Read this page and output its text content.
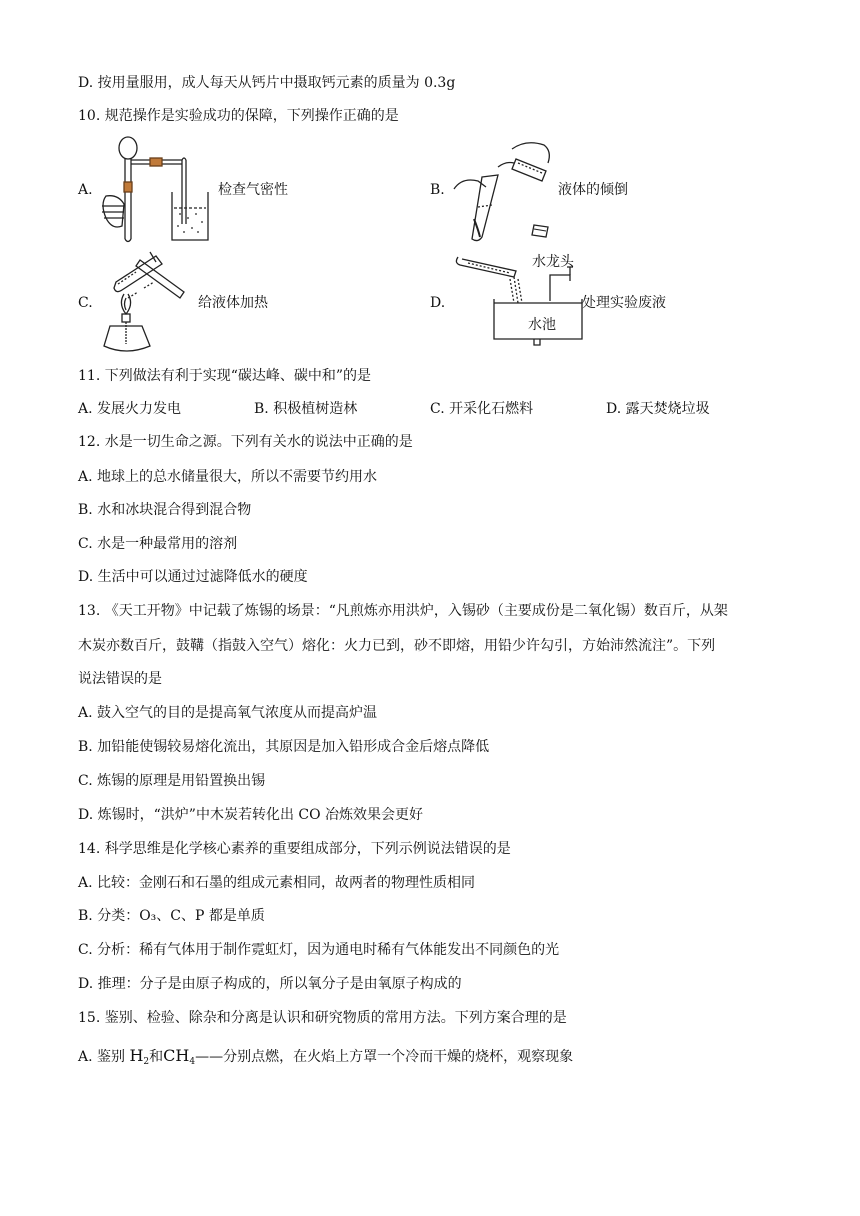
D. 按用量服用，成人每天从钙片中摄取钙元素的质量为 0.3g
10. 规范操作是实验成功的保障，下列操作正确的是
A.	检查气密性	B.	液体的倾倒
C.	给液体加热	D.	处理实验废液
水龙头
水池
11. 下列做法有利于实现“碳达峰、碳中和”的是
A. 发展火力发电	B. 积极植树造林	C. 开采化石燃料	D. 露天焚烧垃圾
12. 水是一切生命之源。下列有关水的说法中正确的是
A. 地球上的总水储量很大，所以不需要节约用水
B. 水和冰块混合得到混合物
C. 水是一种最常用的溶剂
D. 生活中可以通过过滤降低水的硬度
13. 《天工开物》中记载了炼锡的场景：“凡煎炼亦用洪炉，入锡砂（主要成份是二氧化锡）数百斤，从架
木炭亦数百斤，鼓鞲（指鼓入空气）熔化：火力已到，砂不即熔，用铅少许勾引，方始沛然流注”。下列
说法错误的是
A. 鼓入空气的目的是提高氧气浓度从而提高炉温
B. 加铅能使锡较易熔化流出，其原因是加入铅形成合金后熔点降低
C. 炼锡的原理是用铅置换出锡
D. 炼锡时，“洪炉”中木炭若转化出 CO 冶炼效果会更好
14. 科学思维是化学核心素养的重要组成部分，下列示例说法错误的是
A. 比较：金刚石和石墨的组成元素相同，故两者的物理性质相同
B. 分类：O₃、C、P 都是单质
C. 分析：稀有气体用于制作霓虹灯，因为通电时稀有气体能发出不同颜色的光
D. 推理：分子是由原子构成的，所以氧分子是由氧原子构成的
15. 鉴别、检验、除杂和分离是认识和研究物质的常用方法。下列方案合理的是
A. 鉴别 $H_2$和$CH_4——$分别点燃，在火焰上方罩一个冷而干燥的烧杯，观察现象
